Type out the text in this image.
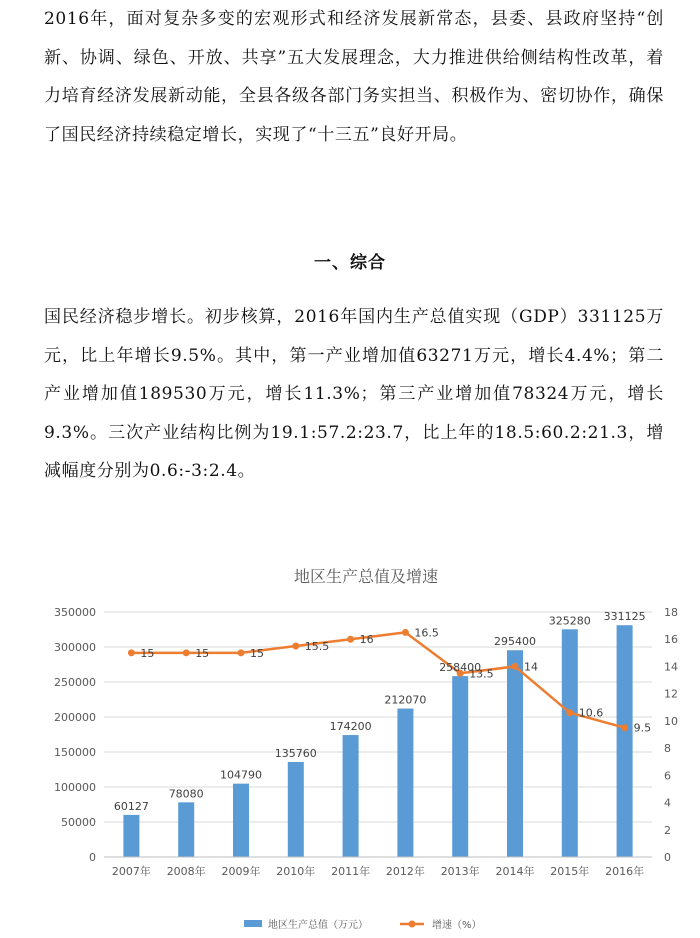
2016年，面对复杂多变的宏观形式和经济发展新常态，县委、县政府坚持“创新、协调、绿色、开放、共享”五大发展理念，大力推进供给侧结构性改革，着力培育经济发展新动能，全县各级各部门务实担当、积极作为、密切协作，确保了国民经济持续稳定增长，实现了“十三五”良好开局。

一、综合

国民经济稳步增长。初步核算，2016年国内生产总值实现（GDP）331125万元，比上年增长9.5%。其中，第一产业增加值63271万元，增长4.4%；第二产业增加值189530万元，增长11.3%；第三产业增加值78324万元，增长9.3%。三次产业结构比例为19.1:57.2:23.7，比上年的18.5:60.2:21.3，增减幅度分别为0.6:-3:2.4。

地区生产总值及增速
0
50000
100000
150000
200000
250000
300000
350000
0
2
4
6
8
10
12
14
16
18
2007年 2008年 2009年 2010年 2011年 2012年 2013年 2014年 2015年 2016年
60127
78080
104790
135760
174200
212070
258400
295400
325280 331125
15	15	15
15.5
16
16.5
13.5
14
10.6
9.5
地区生产总值（万元）	增速（%）
